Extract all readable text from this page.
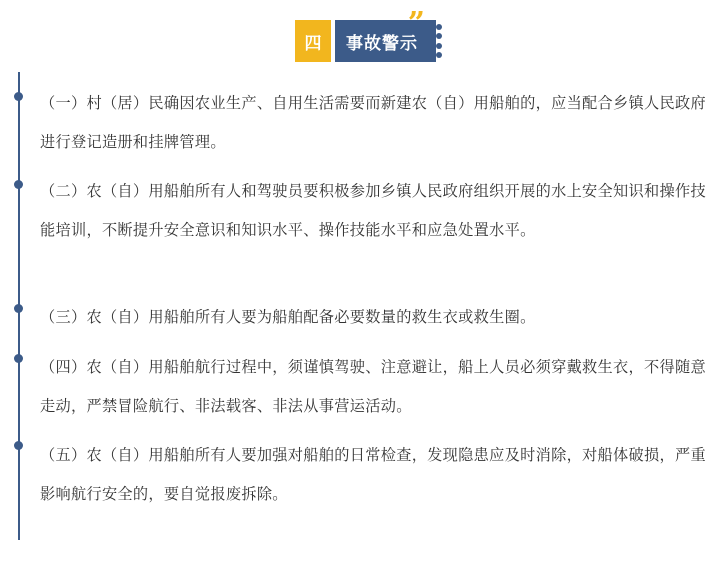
四	事故警示
”

（一）村（居）民确因农业生产、自用生活需要而新建农（自）用船舶的，应当配合乡镇人民政府进行登记造册和挂牌管理。

（二）农（自）用船舶所有人和驾驶员要积极参加乡镇人民政府组织开展的水上安全知识和操作技能培训，不断提升安全意识和知识水平、操作技能水平和应急处置水平。

（三）农（自）用船舶所有人要为船舶配备必要数量的救生衣或救生圈。

（四）农（自）用船舶航行过程中，须谨慎驾驶、注意避让，船上人员必须穿戴救生衣，不得随意走动，严禁冒险航行、非法载客、非法从事营运活动。

（五）农（自）用船舶所有人要加强对船舶的日常检查，发现隐患应及时消除，对船体破损，严重影响航行安全的，要自觉报废拆除。
